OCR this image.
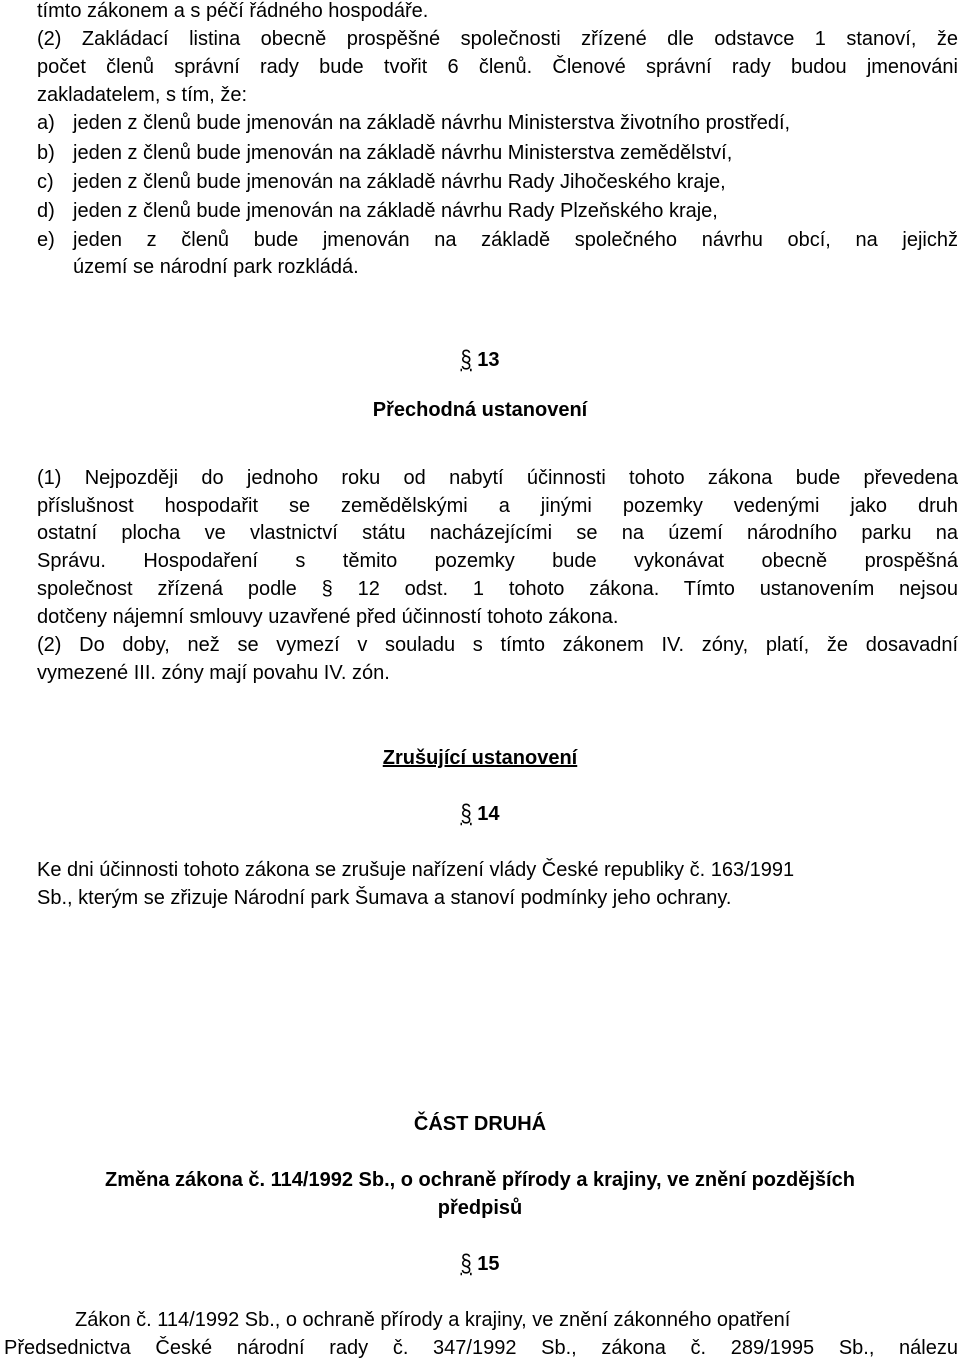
tímto zákonem a s péčí řádného hospodáře.
(2) Zakládací listina obecně prospěšné společnosti zřízené dle odstavce 1 stanoví, že
počet členů správní rady bude tvořit 6 členů. Členové správní rady budou jmenováni
zakladatelem, s tím, že:
a) jeden z členů bude jmenován na základě návrhu Ministerstva životního prostředí,
b) jeden z členů bude jmenován na základě návrhu Ministerstva zemědělství,
c) jeden z členů bude jmenován na základě návrhu Rady Jihočeského kraje,
d) jeden z členů bude jmenován na základě návrhu Rady Plzeňského kraje,
e) jeden z členů bude jmenován na základě společného návrhu obcí, na jejichž
území se národní park rozkládá.
§ 13
Přechodná ustanovení
(1) Nejpozději do jednoho roku od nabytí účinnosti tohoto zákona bude převedena
příslušnost hospodařit se zemědělskými a jinými pozemky vedenými jako druh
ostatní plocha ve vlastnictví státu nacházejícími se na území národního parku na
Správu. Hospodaření s těmito pozemky bude vykonávat obecně prospěšná
společnost zřízená podle § 12 odst. 1 tohoto zákona. Tímto ustanovením nejsou
dotčeny nájemní smlouvy uzavřené před účinností tohoto zákona.
(2) Do doby, než se vymezí v souladu s tímto zákonem IV. zóny, platí, že dosavadní
vymezené III. zóny mají povahu IV. zón.
Zrušující ustanovení
§ 14
Ke dni účinnosti tohoto zákona se zrušuje nařízení vlády České republiky č. 163/1991
Sb., kterým se zřizuje Národní park Šumava a stanoví podmínky jeho ochrany.
ČÁST DRUHÁ
Změna zákona č. 114/1992 Sb., o ochraně přírody a krajiny, ve znění pozdějších
předpisů
§ 15
Zákon č. 114/1992 Sb., o ochraně přírody a krajiny, ve znění zákonného opatření
Předsednictva České národní rady č. 347/1992 Sb., zákona č. 289/1995 Sb., nálezu
